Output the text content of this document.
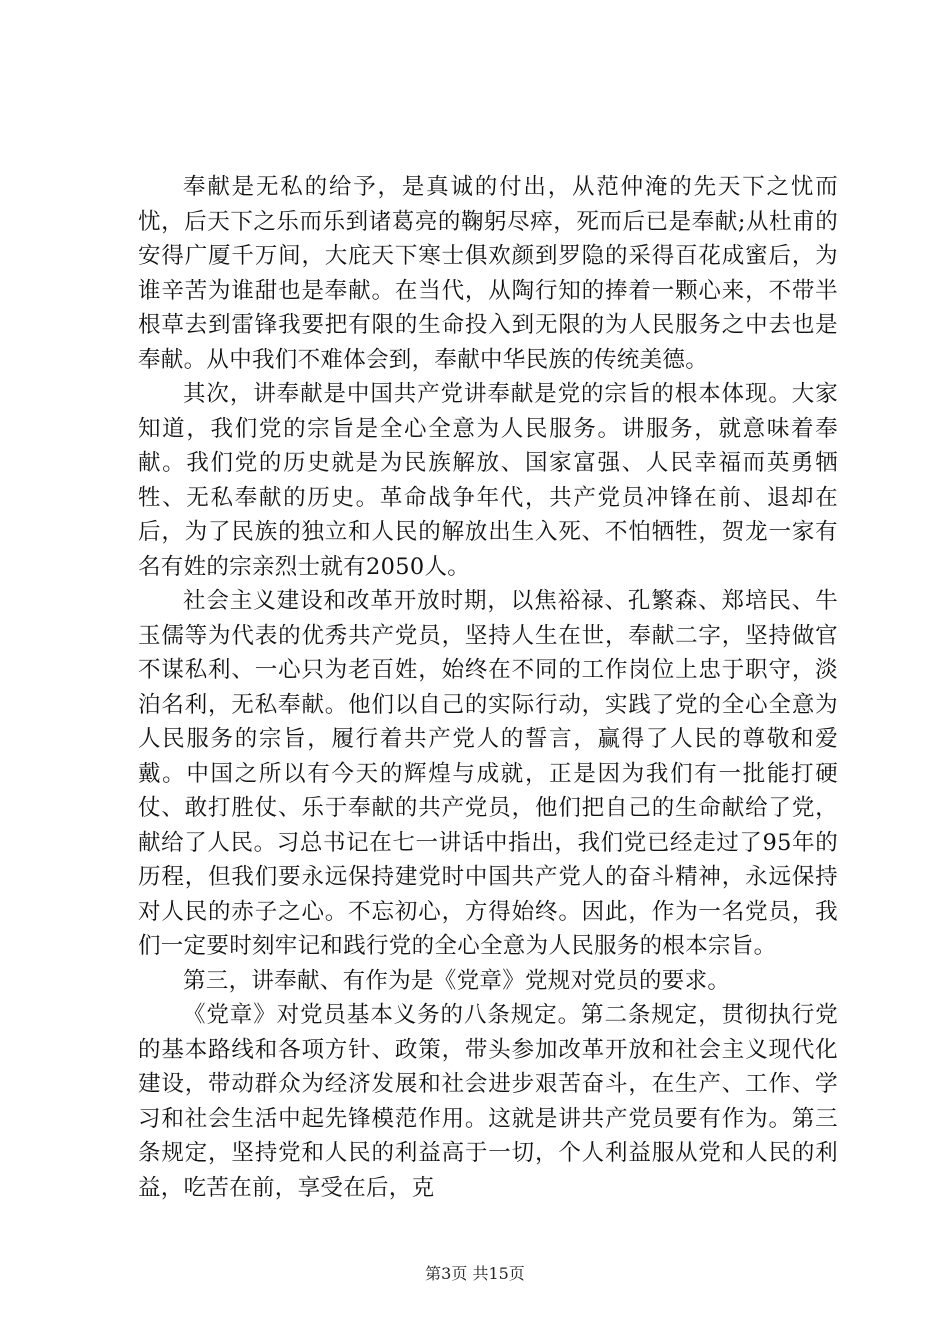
奉献是无私的给予，是真诚的付出，从范仲淹的先天下之忧而忧，后天下之乐而乐到诸葛亮的鞠躬尽瘁，死而后已是奉献;从杜甫的安得广厦千万间，大庇天下寒士俱欢颜到罗隐的采得百花成蜜后，为谁辛苦为谁甜也是奉献。在当代，从陶行知的捧着一颗心来，不带半根草去到雷锋我要把有限的生命投入到无限的为人民服务之中去也是奉献。从中我们不难体会到，奉献中华民族的传统美德。

其次，讲奉献是中国共产党讲奉献是党的宗旨的根本体现。大家知道，我们党的宗旨是全心全意为人民服务。讲服务，就意味着奉献。我们党的历史就是为民族解放、国家富强、人民幸福而英勇牺牲、无私奉献的历史。革命战争年代，共产党员冲锋在前、退却在后，为了民族的独立和人民的解放出生入死、不怕牺牲，贺龙一家有名有姓的宗亲烈士就有2050人。

社会主义建设和改革开放时期，以焦裕禄、孔繁森、郑培民、牛玉儒等为代表的优秀共产党员，坚持人生在世，奉献二字，坚持做官不谋私利、一心只为老百姓，始终在不同的工作岗位上忠于职守，淡泊名利，无私奉献。他们以自己的实际行动，实践了党的全心全意为人民服务的宗旨，履行着共产党人的誓言，赢得了人民的尊敬和爱戴。中国之所以有今天的辉煌与成就，正是因为我们有一批能打硬仗、敢打胜仗、乐于奉献的共产党员，他们把自己的生命献给了党，献给了人民。习总书记在七一讲话中指出，我们党已经走过了95年的历程，但我们要永远保持建党时中国共产党人的奋斗精神，永远保持对人民的赤子之心。不忘初心，方得始终。因此，作为一名党员，我们一定要时刻牢记和践行党的全心全意为人民服务的根本宗旨。

第三，讲奉献、有作为是《党章》党规对党员的要求。

《党章》对党员基本义务的八条规定。第二条规定，贯彻执行党的基本路线和各项方针、政策，带头参加改革开放和社会主义现代化建设，带动群众为经济发展和社会进步艰苦奋斗，在生产、工作、学习和社会生活中起先锋模范作用。这就是讲共产党员要有作为。第三条规定，坚持党和人民的利益高于一切，个人利益服从党和人民的利益，吃苦在前，享受在后，克

第3页 共15页
